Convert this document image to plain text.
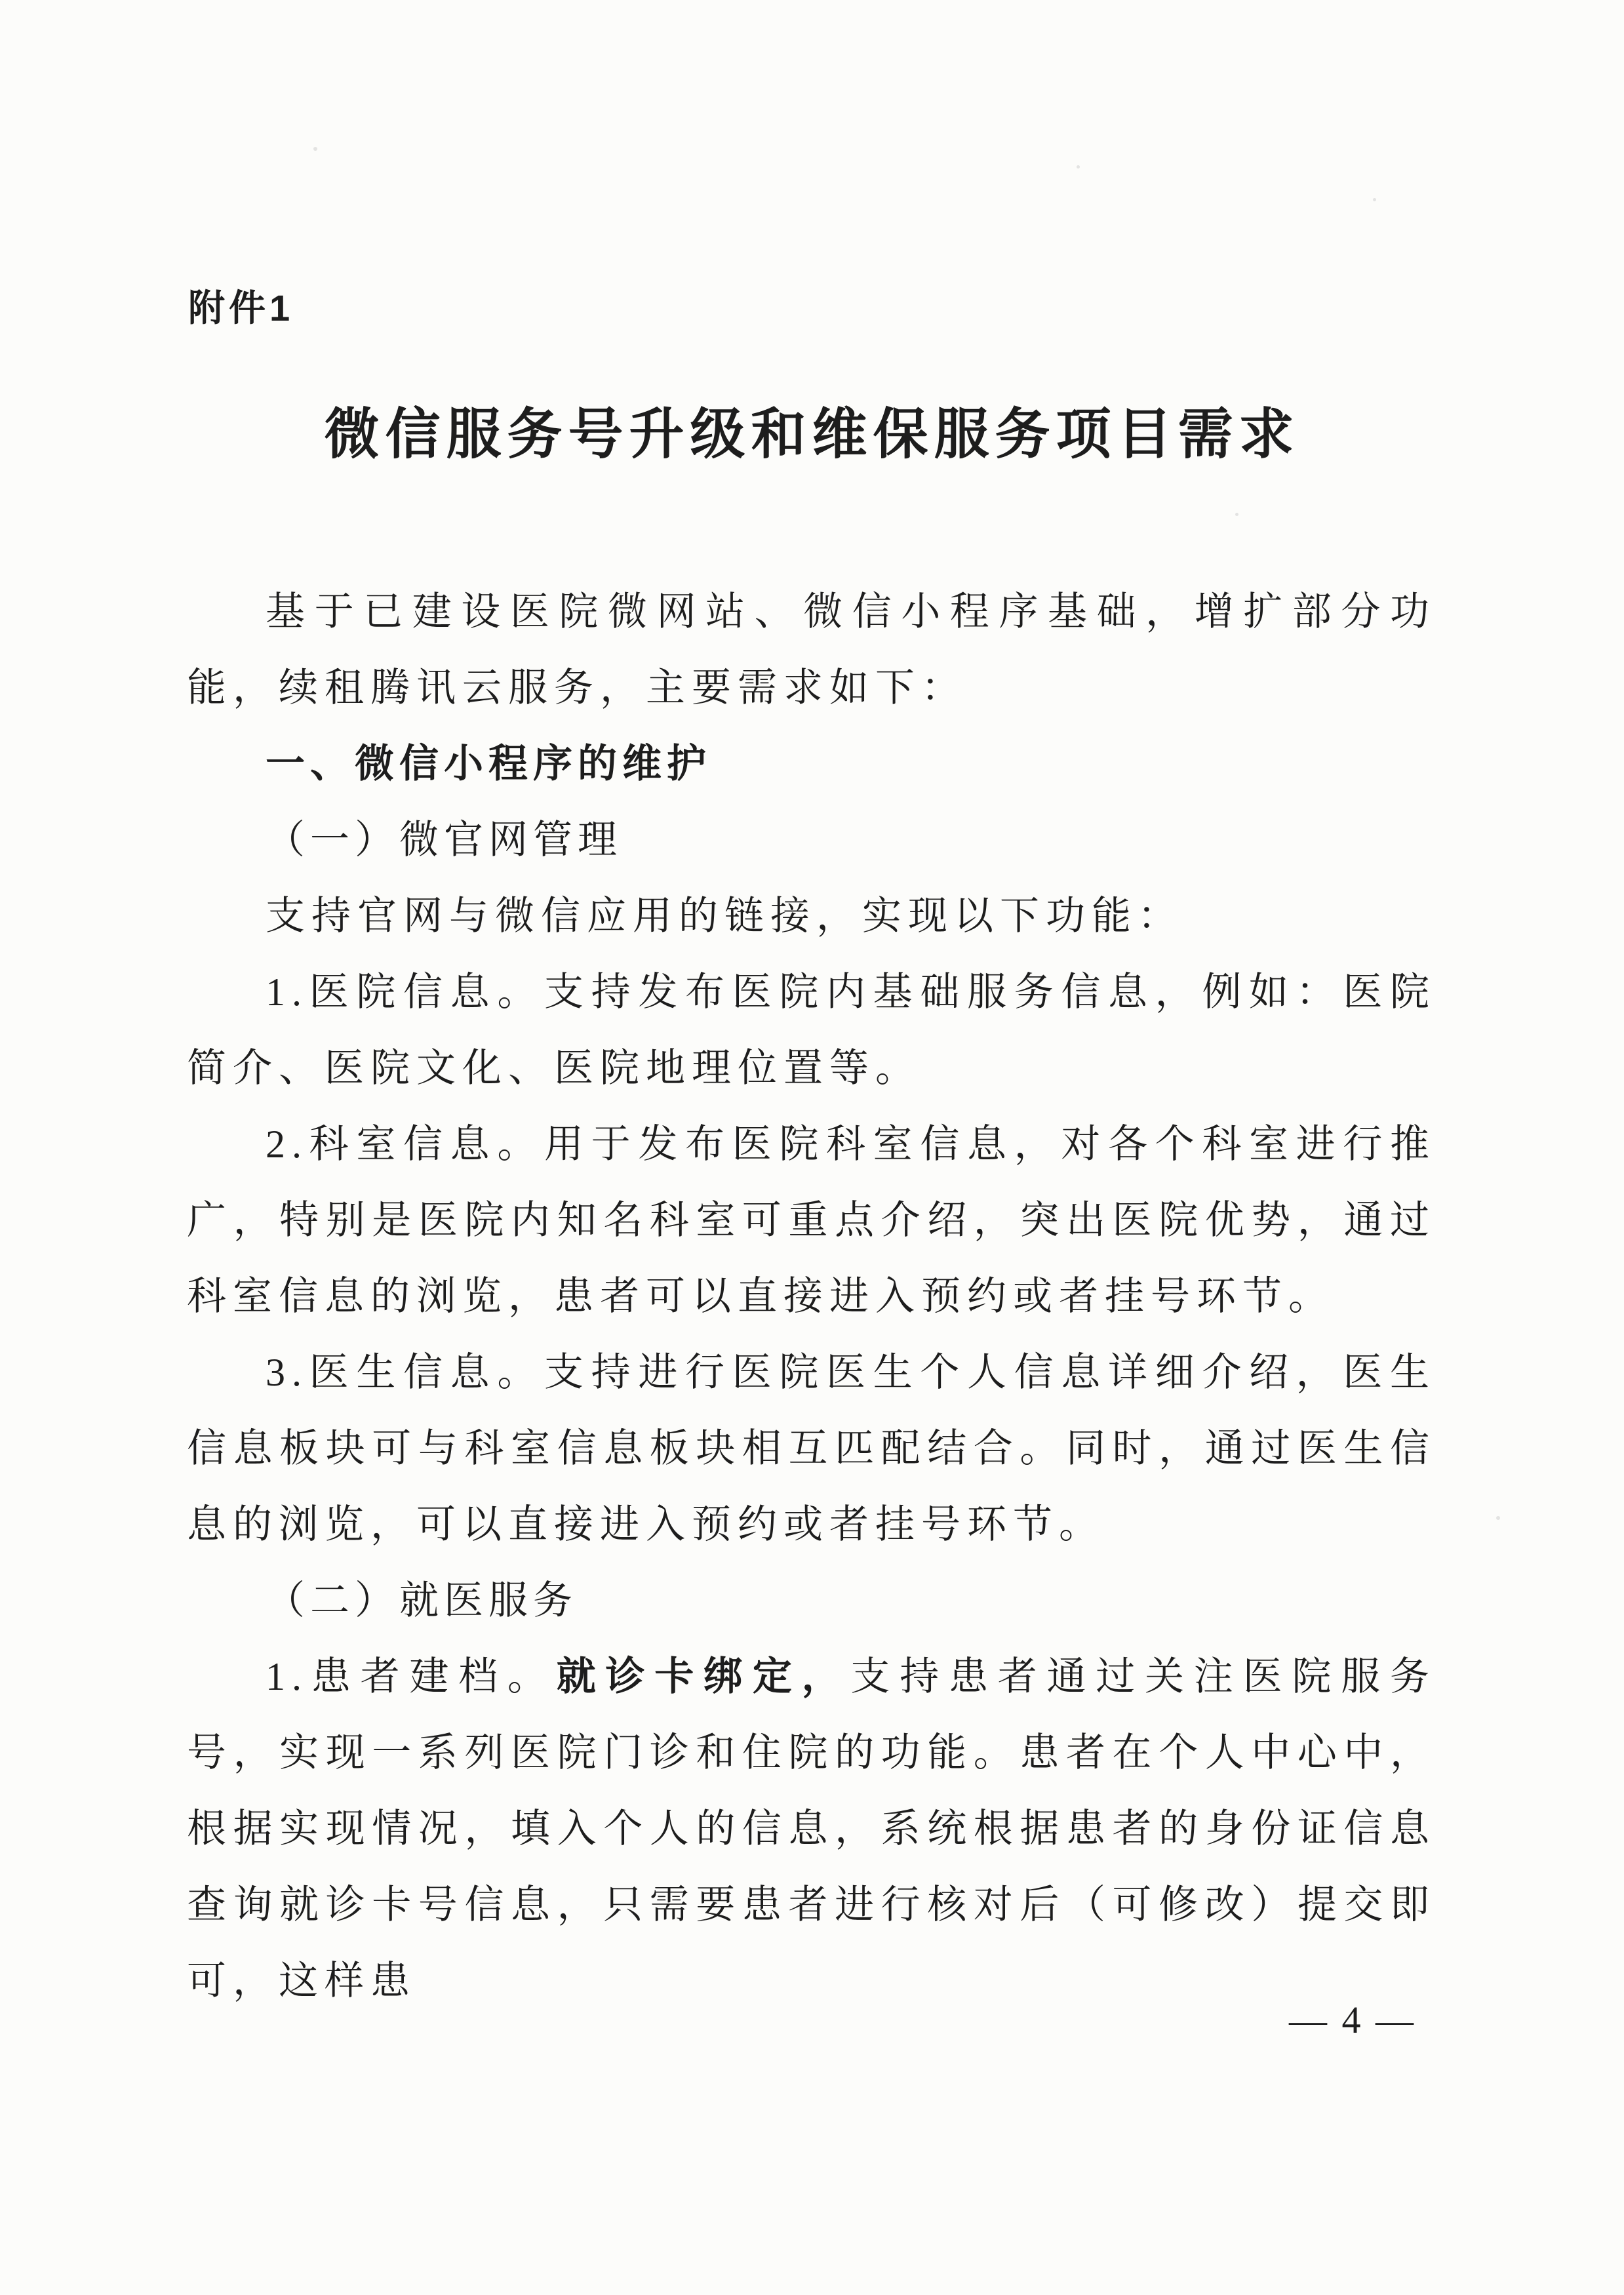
附件1
微信服务号升级和维保服务项目需求

基于已建设医院微网站、微信小程序基础，增扩部分功能，续租腾讯云服务，主要需求如下：

一、微信小程序的维护
（一）微官网管理

支持官网与微信应用的链接，实现以下功能：

1.医院信息。支持发布医院内基础服务信息，例如：医院简介、医院文化、医院地理位置等。

2.科室信息。用于发布医院科室信息，对各个科室进行推广，特别是医院内知名科室可重点介绍，突出医院优势，通过科室信息的浏览，患者可以直接进入预约或者挂号环节。

3.医生信息。支持进行医院医生个人信息详细介绍，医生信息板块可与科室信息板块相互匹配结合。同时，通过医生信息的浏览，可以直接进入预约或者挂号环节。

（二）就医服务

1.患者建档。就诊卡绑定，支持患者通过关注医院服务号，实现一系列医院门诊和住院的功能。患者在个人中心中，根据实现情况，填入个人的信息，系统根据患者的身份证信息查询就诊卡号信息，只需要患者进行核对后（可修改）提交即可，这样患

— 4 —
